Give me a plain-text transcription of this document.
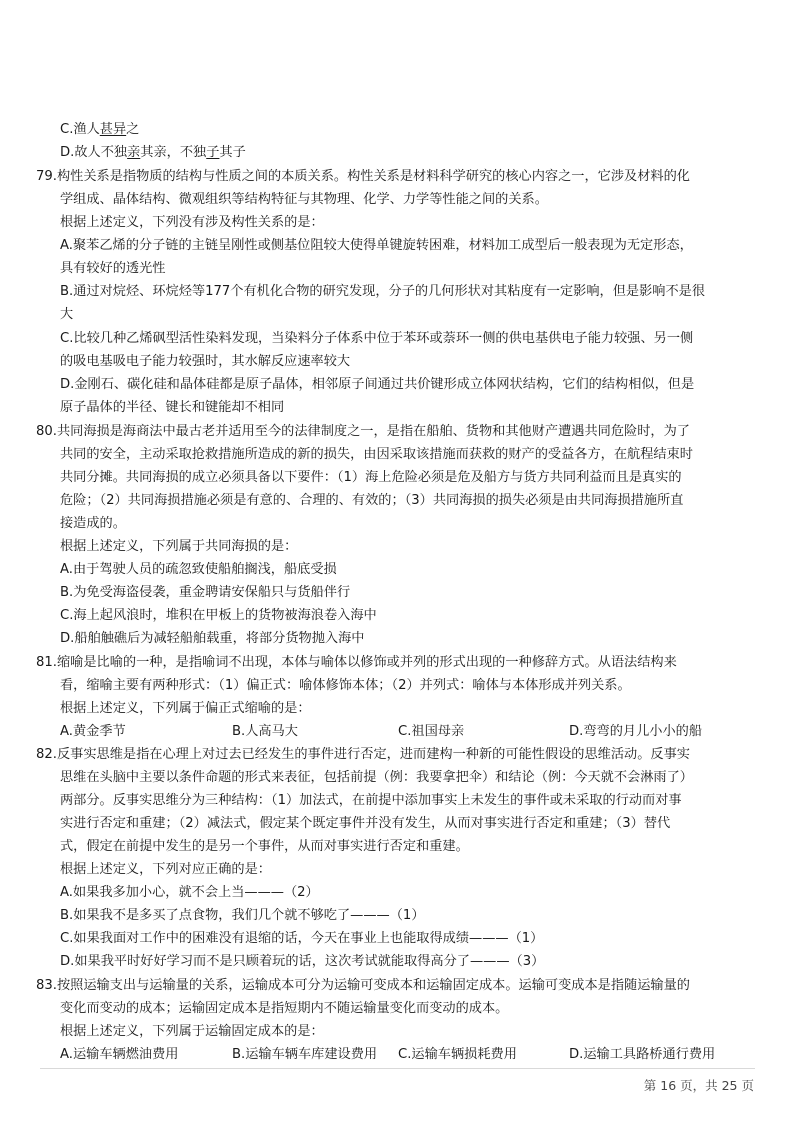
C.渔人甚异之
D.故人不独亲其亲，不独子其子
79.构性关系是指物质的结构与性质之间的本质关系。构性关系是材料科学研究的核心内容之一，它涉及材料的化
学组成、晶体结构、微观组织等结构特征与其物理、化学、力学等性能之间的关系。
根据上述定义，下列没有涉及构性关系的是：
A.聚苯乙烯的分子链的主链呈刚性或侧基位阻较大使得单键旋转困难，材料加工成型后一般表现为无定形态，
具有较好的透光性
B.通过对烷烃、环烷烃等177个有机化合物的研究发现，分子的几何形状对其粘度有一定影响，但是影响不是很
大
C.比较几种乙烯砜型活性染料发现，当染料分子体系中位于苯环或萘环一侧的供电基供电子能力较强、另一侧
的吸电基吸电子能力较强时，其水解反应速率较大
D.金刚石、碳化硅和晶体硅都是原子晶体，相邻原子间通过共价键形成立体网状结构，它们的结构相似，但是
原子晶体的半径、键长和键能却不相同
80.共同海损是海商法中最古老并适用至今的法律制度之一，是指在船舶、货物和其他财产遭遇共同危险时，为了
共同的安全，主动采取抢救措施所造成的新的损失，由因采取该措施而获救的财产的受益各方，在航程结束时
共同分摊。共同海损的成立必须具备以下要件：（1）海上危险必须是危及船方与货方共同利益而且是真实的
危险；（2）共同海损措施必须是有意的、合理的、有效的；（3）共同海损的损失必须是由共同海损措施所直
接造成的。
根据上述定义，下列属于共同海损的是：
A.由于驾驶人员的疏忽致使船舶搁浅，船底受损
B.为免受海盗侵袭，重金聘请安保船只与货船伴行
C.海上起风浪时，堆积在甲板上的货物被海浪卷入海中
D.船舶触礁后为减轻船舶载重，将部分货物抛入海中
81.缩喻是比喻的一种，是指喻词不出现，本体与喻体以修饰或并列的形式出现的一种修辞方式。从语法结构来
看，缩喻主要有两种形式：（1）偏正式：喻体修饰本体；（2）并列式：喻体与本体形成并列关系。
根据上述定义，下列属于偏正式缩喻的是：
A.黄金季节	B.人高马大	C.祖国母亲	D.弯弯的月儿小小的船
82.反事实思维是指在心理上对过去已经发生的事件进行否定，进而建构一种新的可能性假设的思维活动。反事实
思维在头脑中主要以条件命题的形式来表征，包括前提（例：我要拿把伞）和结论（例：今天就不会淋雨了）
两部分。反事实思维分为三种结构：（1）加法式，在前提中添加事实上未发生的事件或未采取的行动而对事
实进行否定和重建；（2）减法式，假定某个既定事件并没有发生，从而对事实进行否定和重建；（3）替代
式，假定在前提中发生的是另一个事件，从而对事实进行否定和重建。
根据上述定义，下列对应正确的是：
A.如果我多加小心，就不会上当———（2）
B.如果我不是多买了点食物，我们几个就不够吃了———（1）
C.如果我面对工作中的困难没有退缩的话，今天在事业上也能取得成绩———（1）
D.如果我平时好好学习而不是只顾着玩的话，这次考试就能取得高分了———（3）
83.按照运输支出与运输量的关系，运输成本可分为运输可变成本和运输固定成本。运输可变成本是指随运输量的
变化而变动的成本；运输固定成本是指短期内不随运输量变化而变动的成本。
根据上述定义，下列属于运输固定成本的是：
A.运输车辆燃油费用	B.运输车辆车库建设费用 C.运输车辆损耗费用	D.运输工具路桥通行费用
第 16 页，共 25 页
